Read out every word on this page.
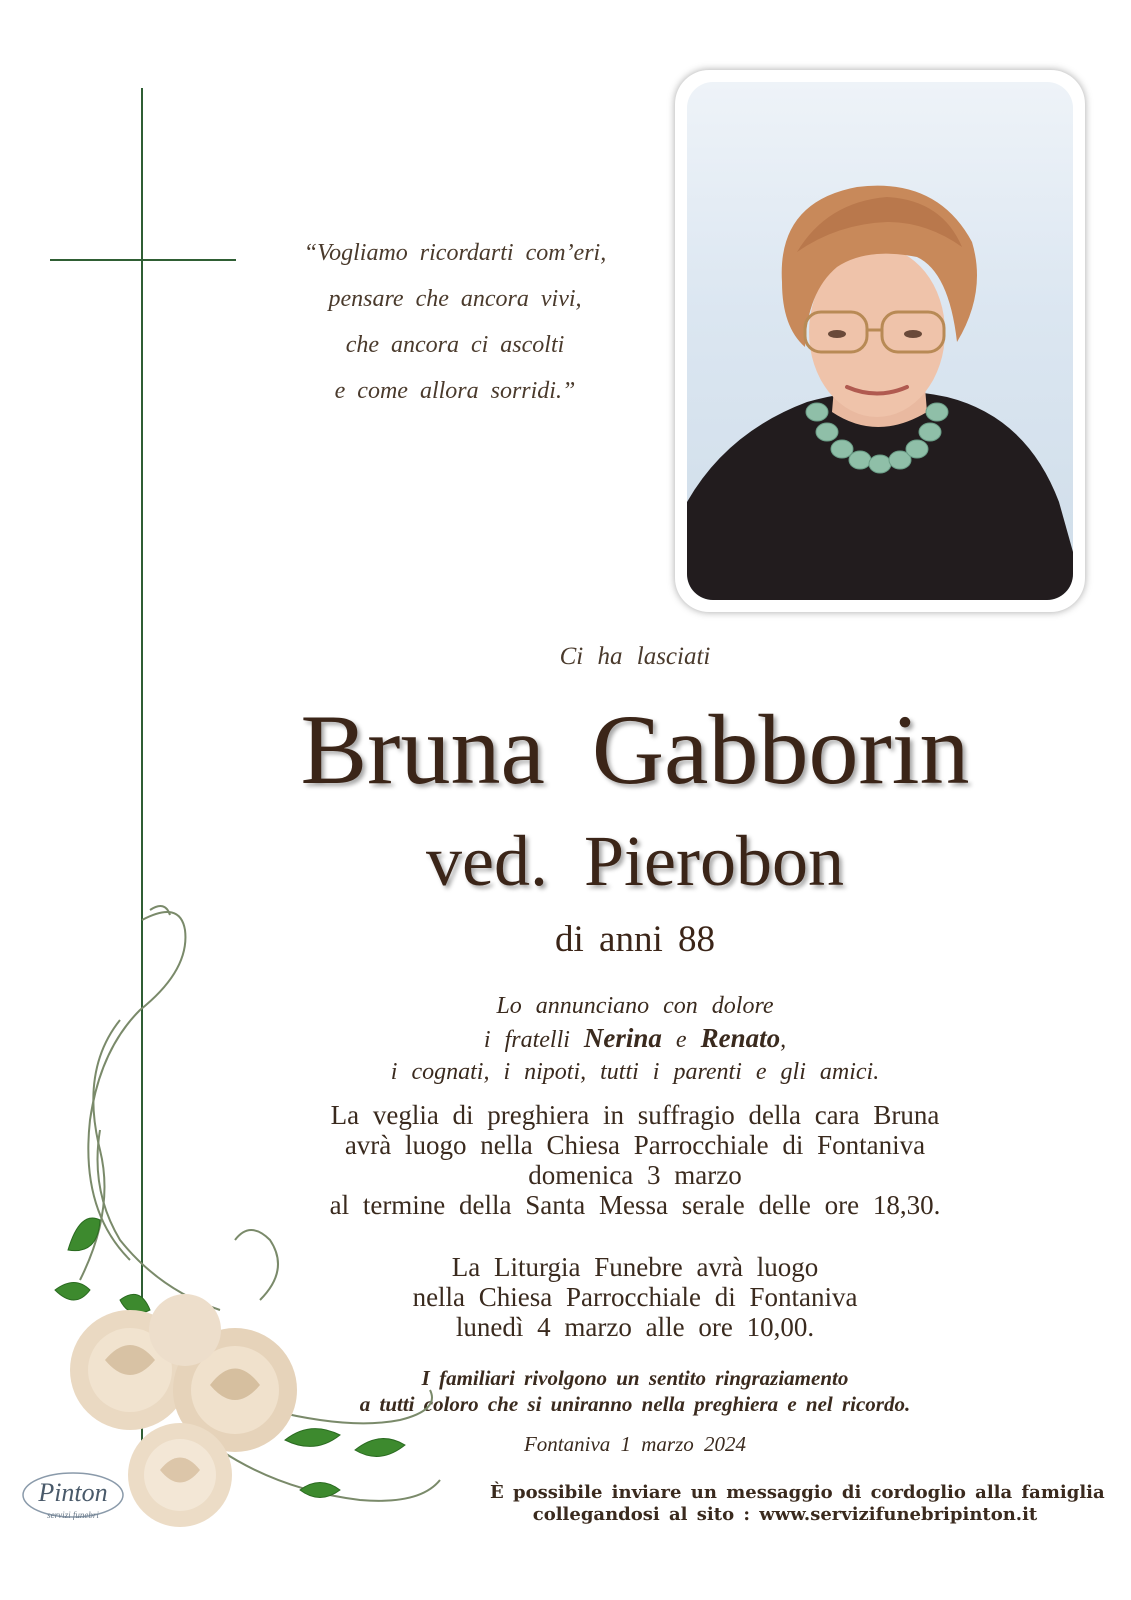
“Vogliamo ricordarti com’eri,
pensare che ancora vivi,
che ancora ci ascolti
e come allora sorridi.”
Ci ha lasciati
Bruna Gabborin
ved. Pierobon
di anni 88
Lo annunciano con dolore
i fratelli Nerina e Renato,
i cognati, i nipoti, tutti i parenti e gli amici.
La veglia di preghiera in suffragio della cara Bruna
avrà luogo nella Chiesa Parrocchiale di Fontaniva
domenica 3 marzo
al termine della Santa Messa serale delle ore 18,30.
La Liturgia Funebre avrà luogo
nella Chiesa Parrocchiale di Fontaniva
lunedì 4 marzo alle ore 10,00.
I familiari rivolgono un sentito ringraziamento
a tutti coloro che si uniranno nella preghiera e nel ricordo.
Fontaniva 1 marzo 2024
È possibile inviare un messaggio di cordoglio alla famiglia
collegandosi al sito : www.servizifunebripinton.it
Pinton
servizi funebri
